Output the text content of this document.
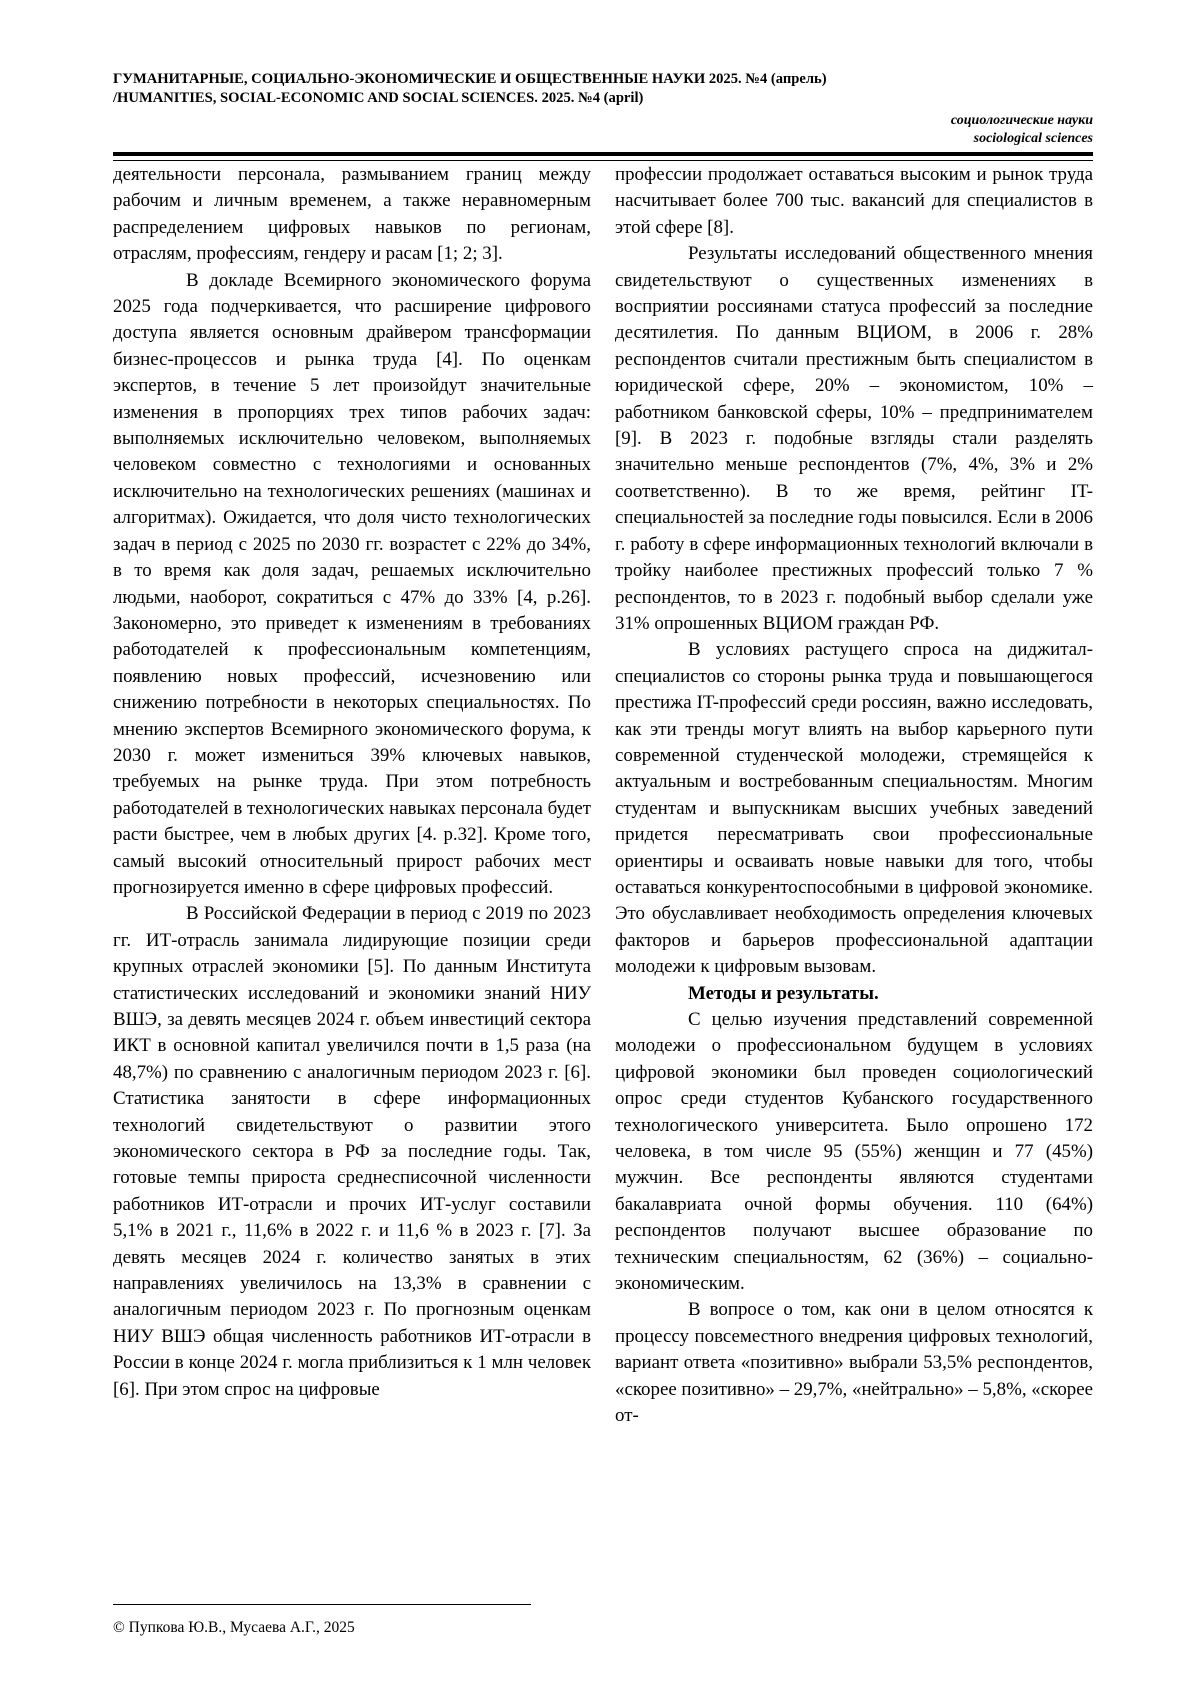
ГУМАНИТАРНЫЕ, СОЦИАЛЬНО-ЭКОНОМИЧЕСКИЕ И ОБЩЕСТВЕННЫЕ НАУКИ 2025. №4 (апрель)
/HUMANITIES, SOCIAL-ECONOMIC AND SOCIAL SCIENCES. 2025. №4 (april)
социологические науки
sociological sciences

деятельности персонала, размыванием границ между рабочим и личным временем, а также неравномерным распределением цифровых навыков по регионам, отраслям, профессиям, гендеру и расам [1; 2; 3].

В докладе Всемирного экономического форума 2025 года подчеркивается, что расширение цифрового доступа является основным драйвером трансформации бизнес-процессов и рынка труда [4]. По оценкам экспертов, в течение 5 лет произойдут значительные изменения в пропорциях трех типов рабочих задач: выполняемых исключительно человеком, выполняемых человеком совместно с технологиями и основанных исключительно на технологических решениях (машинах и алгоритмах). Ожидается, что доля чисто технологических задач в период с 2025 по 2030 гг. возрастет с 22% до 34%, в то время как доля задач, решаемых исключительно людьми, наоборот, сократиться с 47% до 33% [4, p.26]. Закономерно, это приведет к изменениям в требованиях работодателей к профессиональным компетенциям, появлению новых профессий, исчезновению или снижению потребности в некоторых специальностях. По мнению экспертов Всемирного экономического форума, к 2030 г. может измениться 39% ключевых навыков, требуемых на рынке труда. При этом потребность работодателей в технологических навыках персонала будет расти быстрее, чем в любых других [4. p.32]. Кроме того, самый высокий относительный прирост рабочих мест прогнозируется именно в сфере цифровых профессий.

В Российской Федерации в период с 2019 по 2023 гг. ИТ-отрасль занимала лидирующие позиции среди крупных отраслей экономики [5]. По данным Института статистических исследований и экономики знаний НИУ ВШЭ, за девять месяцев 2024 г. объем инвестиций сектора ИКТ в основной капитал увеличился почти в 1,5 раза (на 48,7%) по сравнению с аналогичным периодом 2023 г. [6]. Статистика занятости в сфере информационных технологий свидетельствуют о развитии этого экономического сектора в РФ за последние годы. Так, готовые темпы прироста среднесписочной численности работников ИТ-отрасли и прочих ИТ-услуг составили 5,1% в 2021 г., 11,6% в 2022 г. и 11,6 % в 2023 г. [7]. За девять месяцев 2024 г. количество занятых в этих направлениях увеличилось на 13,3% в сравнении с аналогичным периодом 2023 г. По прогнозным оценкам НИУ ВШЭ общая численность работников ИТ-отрасли в России в конце 2024 г. могла приблизиться к 1 млн человек [6]. При этом спрос на цифровые

профессии продолжает оставаться высоким и рынок труда насчитывает более 700 тыс. вакансий для специалистов в этой сфере [8].

Результаты исследований общественного мнения свидетельствуют о существенных изменениях в восприятии россиянами статуса профессий за последние десятилетия. По данным ВЦИОМ, в 2006 г. 28% респондентов считали престижным быть специалистом в юридической сфере, 20% – экономистом, 10% – работником банковской сферы, 10% – предпринимателем [9]. В 2023 г. подобные взгляды стали разделять значительно меньше респондентов (7%, 4%, 3% и 2% соответственно). В то же время, рейтинг IT-специальностей за последние годы повысился. Если в 2006 г. работу в сфере информационных технологий включали в тройку наиболее престижных профессий только 7 % респондентов, то в 2023 г. подобный выбор сделали уже 31% опрошенных ВЦИОМ граждан РФ.

В условиях растущего спроса на диджитал-специалистов со стороны рынка труда и повышающегося престижа IT-профессий среди россиян, важно исследовать, как эти тренды могут влиять на выбор карьерного пути современной студенческой молодежи, стремящейся к актуальным и востребованным специальностям. Многим студентам и выпускникам высших учебных заведений придется пересматривать свои профессиональные ориентиры и осваивать новые навыки для того, чтобы оставаться конкурентоспособными в цифровой экономике. Это обуславливает необходимость определения ключевых факторов и барьеров профессиональной адаптации молодежи к цифровым вызовам.

Методы и результаты.

С целью изучения представлений современной молодежи о профессиональном будущем в условиях цифровой экономики был проведен социологический опрос среди студентов Кубанского государственного технологического университета. Было опрошено 172 человека, в том числе 95 (55%) женщин и 77 (45%) мужчин. Все респонденты являются студентами бакалавриата очной формы обучения. 110 (64%) респондентов получают высшее образование по техническим специальностям, 62 (36%) – социально-экономическим.

В вопросе о том, как они в целом относятся к процессу повсеместного внедрения цифровых технологий, вариант ответа «позитивно» выбрали 53,5% респондентов, «скорее позитивно» – 29,7%, «нейтрально» – 5,8%, «скорее от-

© Пупкова Ю.В., Мусаева А.Г., 2025
